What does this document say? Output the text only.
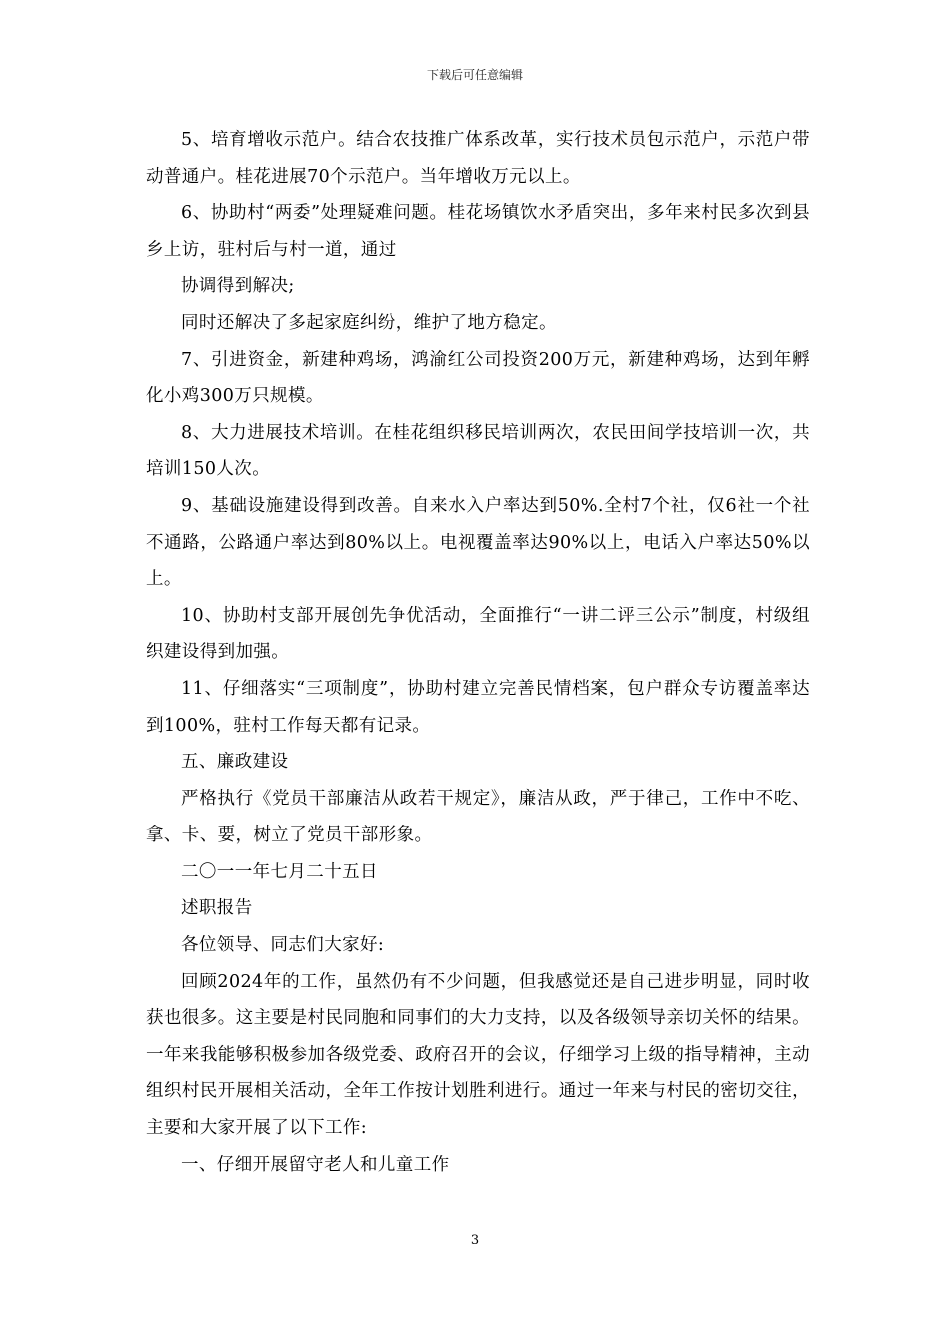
下载后可任意编辑

5、培育增收示范户。结合农技推广体系改革，实行技术员包示范户，示范户带动普通户。桂花进展70个示范户。当年增收万元以上。

6、协助村“两委”处理疑难问题。桂花场镇饮水矛盾突出，多年来村民多次到县乡上访，驻村后与村一道，通过

协调得到解决;

同时还解决了多起家庭纠纷，维护了地方稳定。

7、引进资金，新建种鸡场，鸿渝红公司投资200万元，新建种鸡场，达到年孵化小鸡300万只规模。

8、大力进展技术培训。在桂花组织移民培训两次，农民田间学技培训一次，共培训150人次。

9、基础设施建设得到改善。自来水入户率达到50%.全村7个社，仅6社一个社不通路，公路通户率达到80%以上。电视覆盖率达90%以上，电话入户率达50%以上。

10、协助村支部开展创先争优活动，全面推行“一讲二评三公示”制度，村级组织建设得到加强。

11、仔细落实“三项制度”，协助村建立完善民情档案，包户群众专访覆盖率达到100%，驻村工作每天都有记录。

五、廉政建设

严格执行《党员干部廉洁从政若干规定》，廉洁从政，严于律己，工作中不吃、拿、卡、要，树立了党员干部形象。

二〇一一年七月二十五日

述职报告

各位领导、同志们大家好:

回顾2024年的工作，虽然仍有不少问题，但我感觉还是自己进步明显，同时收获也很多。这主要是村民同胞和同事们的大力支持，以及各级领导亲切关怀的结果。一年来我能够积极参加各级党委、政府召开的会议，仔细学习上级的指导精神，主动组织村民开展相关活动，全年工作按计划胜利进行。通过一年来与村民的密切交往，主要和大家开展了以下工作:

一、仔细开展留守老人和儿童工作

3
